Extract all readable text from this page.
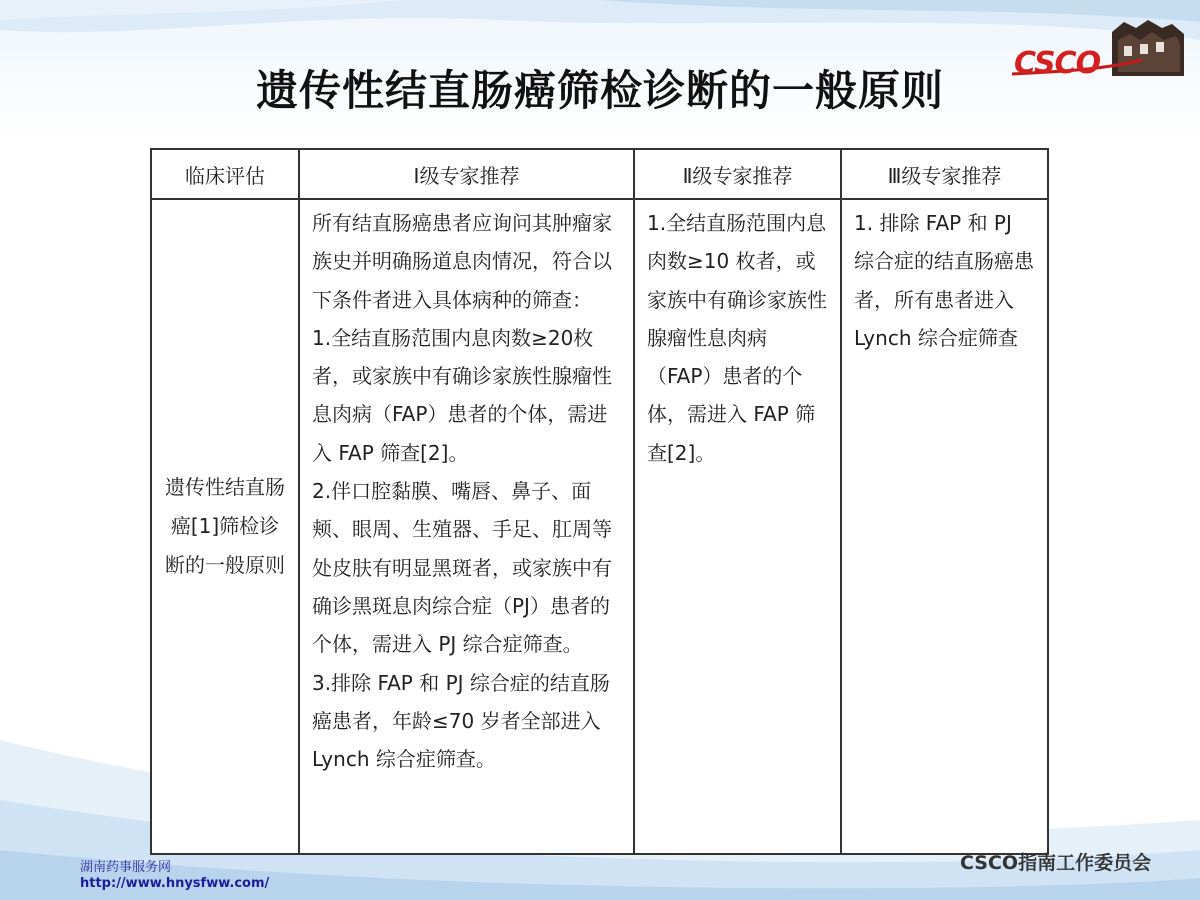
CSCO
遗传性结直肠癌筛检诊断的一般原则
临床评估	Ⅰ级专家推荐	Ⅱ级专家推荐	Ⅲ级专家推荐
遗传性结直肠癌[1]筛检诊断的一般原则	所有结直肠癌患者应询问其肿瘤家族史并明确肠道息肉情况，符合以下条件者进入具体病种的筛查：

1.全结直肠范围内息肉数≥20枚者，或家族中有确诊家族性腺瘤性息肉病（FAP）患者的个体，需进入 FAP 筛查[2]。

2.伴口腔黏膜、嘴唇、鼻子、面颊、眼周、生殖器、手足、肛周等处皮肤有明显黑斑者，或家族中有确诊黑斑息肉综合症（PJ）患者的个体，需进入 PJ 综合症筛查。

3.排除 FAP 和 PJ 综合症的结直肠癌患者，年龄≤70 岁者全部进入 Lynch 综合症筛查。	1.全结直肠范围内息肉数≥10 枚者，或家族中有确诊家族性腺瘤性息肉病（FAP）患者的个体，需进入 FAP 筛查[2]。	1. 排除 FAP 和 PJ 综合症的结直肠癌患者，所有患者进入 Lynch 综合症筛查

湖南药事服务网
http://www.hnysfww.com/
CSCO指南工作委员会
